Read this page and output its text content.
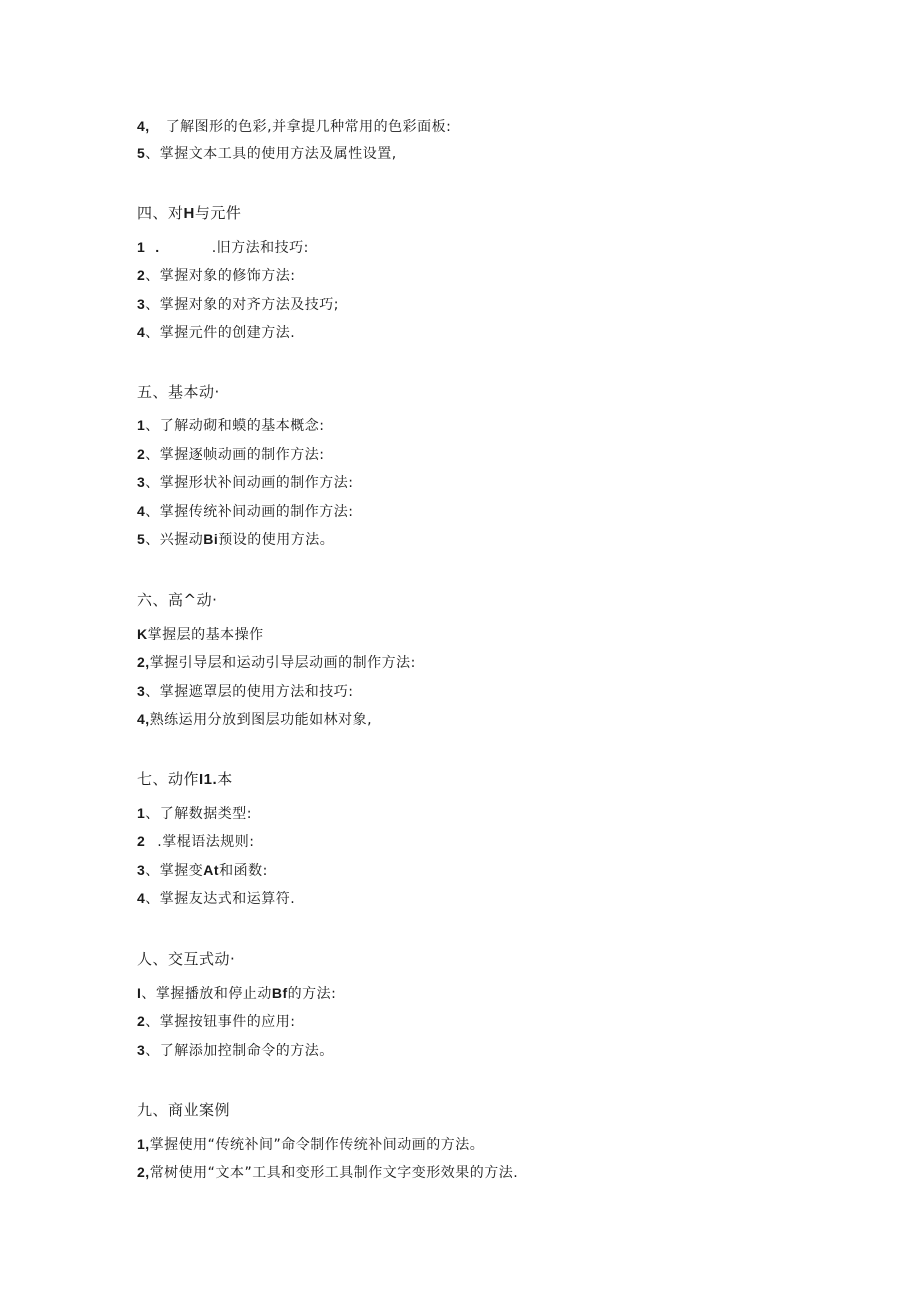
4, 了解图形的色彩,并拿提几种常用的色彩面板:
5、掌握文本工具的使用方法及属性设置,
四、对H与元件
1 .	.旧方法和技巧:
2、掌握对象的修饰方法:
3、掌握对象的对齐方法及技巧;
4、掌握元件的创建方法.
五、基本动·
1、了解动砌和蟆的基本概念:
2、掌握逐帧动画的制作方法:
3、掌握形状补间动画的制作方法:
4、掌握传统补间动画的制作方法:
5、兴握动Bi预设的使用方法。
六、高^动·
K掌握层的基本操作
2,掌握引导层和运动引导层动画的制作方法:
3、掌握遮罩层的使用方法和技巧:
4,熟练运用分放到图层功能如林对象,
七、动作I1.本
1、了解数据类型:
2 .掌棍语法规则:
3、掌握变At和函数:
4、掌握友达式和运算符.
人、交互式动·
I、掌握播放和停止动Bf的方法:
2、掌握按钮事件的应用:
3、了解添加控制命令的方法。
九、商业案例
1,掌握使用“传统补间”命令制作传统补间动画的方法。
2,常树使用“文本”工具和变形工具制作文字变形效果的方法.
